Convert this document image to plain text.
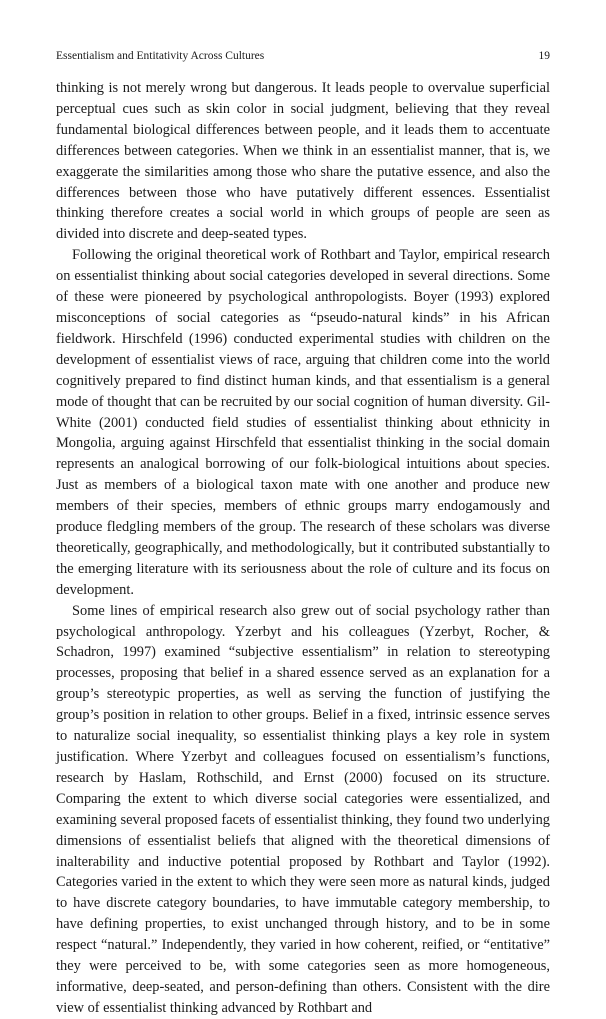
Essentialism and Entitativity Across Cultures	19

thinking is not merely wrong but dangerous. It leads people to overvalue superficial perceptual cues such as skin color in social judgment, believing that they reveal fundamental biological differences between people, and it leads them to accentuate differences between categories. When we think in an essentialist manner, that is, we exaggerate the similarities among those who share the putative essence, and also the differences between those who have putatively different essences. Essentialist thinking therefore creates a social world in which groups of people are seen as divided into discrete and deep-seated types.

Following the original theoretical work of Rothbart and Taylor, empirical research on essentialist thinking about social categories developed in several directions. Some of these were pioneered by psychological anthropologists. Boyer (1993) explored misconceptions of social categories as “pseudo-natural kinds” in his African fieldwork. Hirschfeld (1996) conducted experimental studies with children on the development of essentialist views of race, arguing that children come into the world cognitively prepared to find distinct human kinds, and that essentialism is a general mode of thought that can be recruited by our social cognition of human diversity. Gil-White (2001) conducted field studies of essentialist thinking about ethnicity in Mongolia, arguing against Hirschfeld that essentialist thinking in the social domain represents an analogical borrowing of our folk-biological intuitions about species. Just as members of a biological taxon mate with one another and produce new members of their species, members of ethnic groups marry endogamously and produce fledgling members of the group. The research of these scholars was diverse theoretically, geographically, and methodologically, but it contributed substantially to the emerging literature with its seriousness about the role of culture and its focus on development.

Some lines of empirical research also grew out of social psychology rather than psychological anthropology. Yzerbyt and his colleagues (Yzerbyt, Rocher, & Schadron, 1997) examined “subjective essentialism” in relation to stereotyping processes, proposing that belief in a shared essence served as an explanation for a group’s stereotypic properties, as well as serving the function of justifying the group’s position in relation to other groups. Belief in a fixed, intrinsic essence serves to naturalize social inequality, so essentialist thinking plays a key role in system justification. Where Yzerbyt and colleagues focused on essentialism’s functions, research by Haslam, Rothschild, and Ernst (2000) focused on its structure. Comparing the extent to which diverse social categories were essentialized, and examining several proposed facets of essentialist thinking, they found two underlying dimensions of essentialist beliefs that aligned with the theoretical dimensions of inalterability and inductive potential proposed by Rothbart and Taylor (1992). Categories varied in the extent to which they were seen more as natural kinds, judged to have discrete category boundaries, to have immutable category membership, to have defining properties, to exist unchanged through history, and to be in some respect “natural.” Independently, they varied in how coherent, reified, or “entitative” they were perceived to be, with some categories seen as more homogeneous, informative, deep-seated, and person-defining than others. Consistent with the dire view of essentialist thinking advanced by Rothbart and
